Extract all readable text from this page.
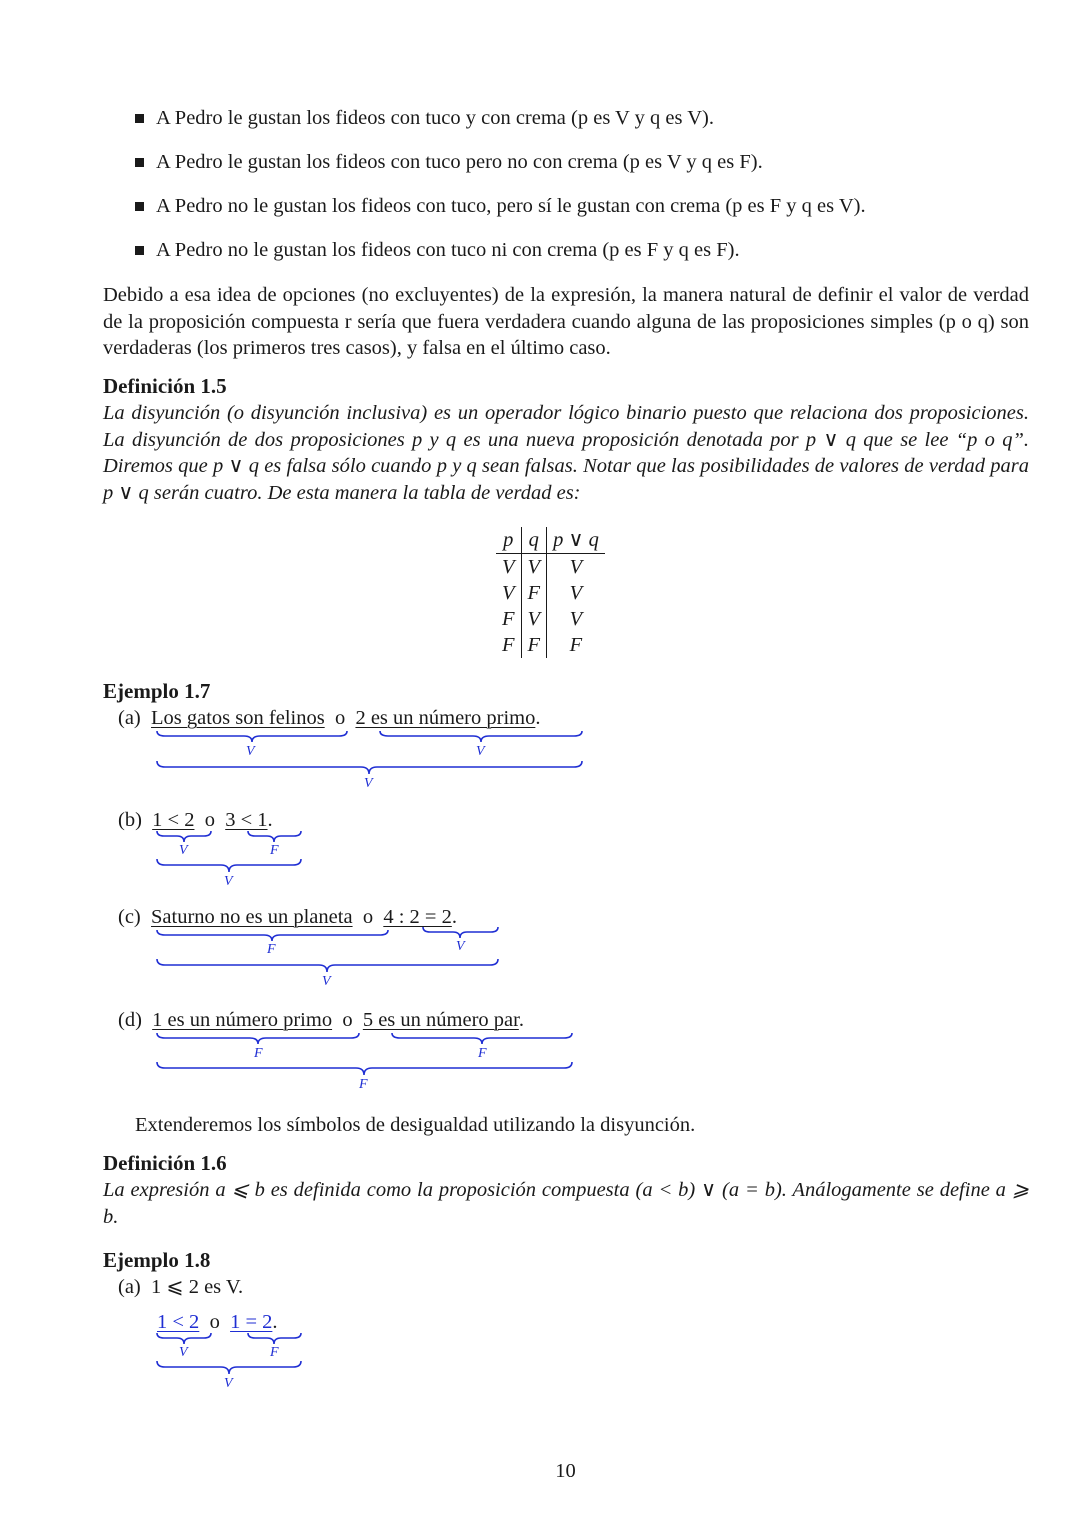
A Pedro le gustan los fideos con tuco y con crema (p es V y q es V).
A Pedro le gustan los fideos con tuco pero no con crema (p es V y q es F).
A Pedro no le gustan los fideos con tuco, pero sí le gustan con crema (p es F y q es V).
A Pedro no le gustan los fideos con tuco ni con crema (p es F y q es F).
Debido a esa idea de opciones (no excluyentes) de la expresión, la manera natural de definir el valor de verdad de la proposición compuesta r sería que fuera verdadera cuando alguna de las proposiciones simples (p o q) son verdaderas (los primeros tres casos), y falsa en el último caso.
Definición 1.5
La disyunción (o disyunción inclusiva) es un operador lógico binario puesto que relaciona dos proposiciones. La disyunción de dos proposiciones p y q es una nueva proposición denotada por p ∨ q que se lee “p o q”. Diremos que p ∨ q es falsa sólo cuando p y q sean falsas. Notar que las posibilidades de valores de verdad para p ∨ q serán cuatro. De esta manera la tabla de verdad es:
p	q	p ∨ q
V	V	V
V	F	V
F	V	V
F	F	F
Ejemplo 1.7
(a) Los gatos son felinos o 2 es un número primo.
V	V
V
(b) 1 < 2 o 3 < 1.
V	F
V
(c) Saturno no es un planeta o 4 : 2 = 2.
F	V
V
(d) 1 es un número primo o 5 es un número par.
F	F
F
Extenderemos los símbolos de desigualdad utilizando la disyunción.
Definición 1.6
La expresión a ⩽ b es definida como la proposición compuesta (a < b) ∨ (a = b). Análogamente se define a ⩾ b.
Ejemplo 1.8
(a) 1 ⩽ 2 es V.
1 < 2 o 1 = 2.
V	F
V
10
